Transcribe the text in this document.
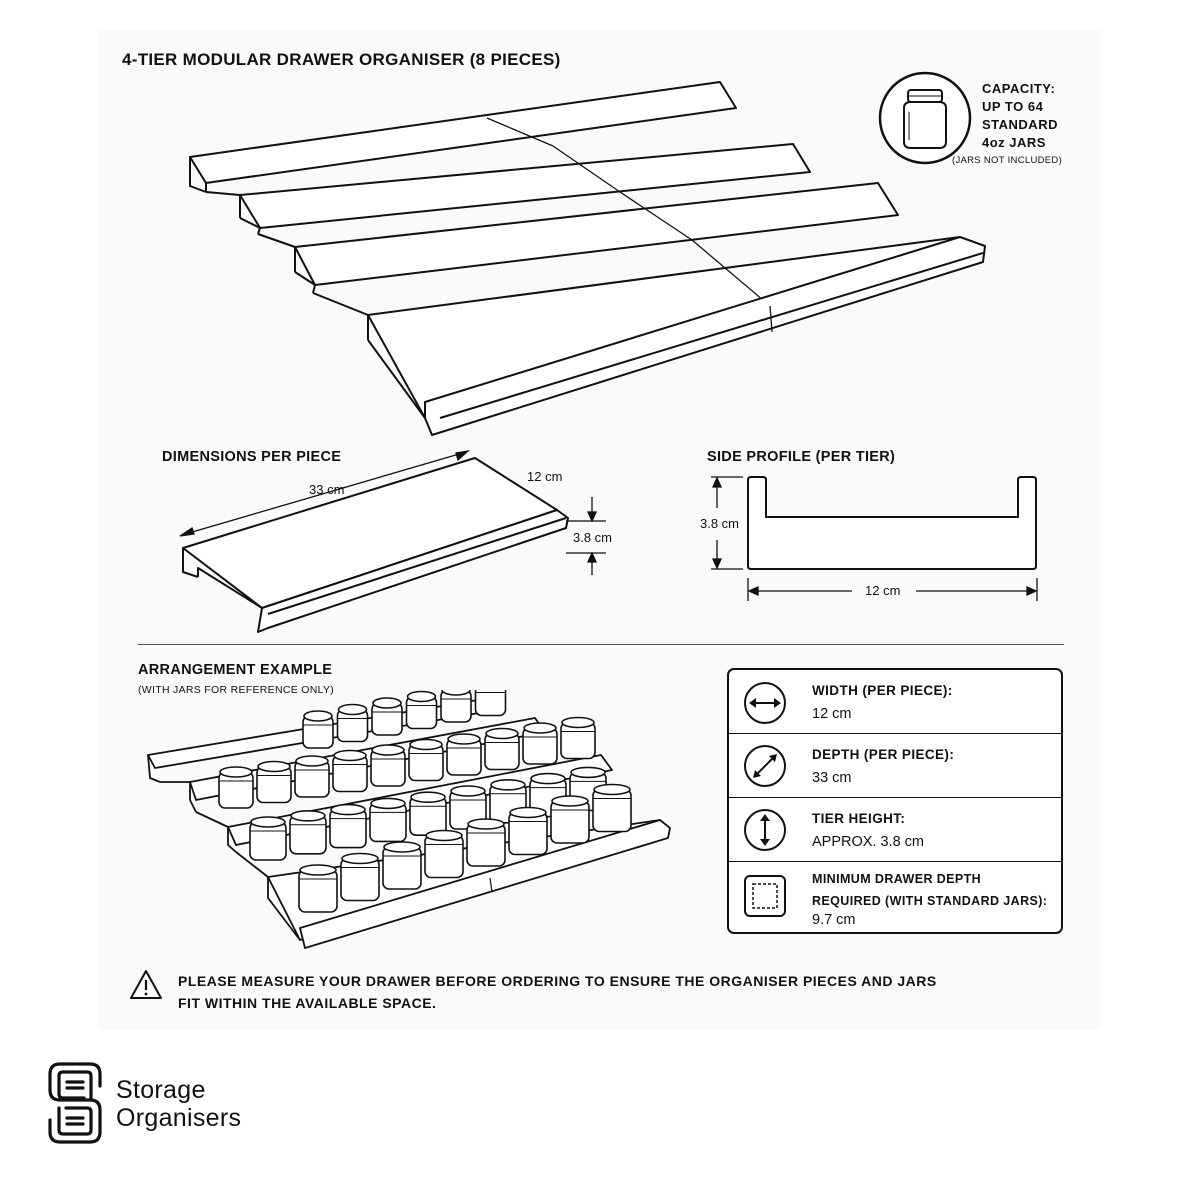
4-TIER MODULAR DRAWER ORGANISER (8 PIECES)
CAPACITY:
UP TO 64
STANDARD
4oz JARS
(JARS NOT INCLUDED)
DIMENSIONS PER PIECE
33 cm
12 cm
3.8 cm
SIDE PROFILE (PER TIER)
3.8 cm
12 cm
ARRANGEMENT EXAMPLE
(WITH JARS FOR REFERENCE ONLY)	WIDTH (PER PIECE):
12 cm
DEPTH (PER PIECE):
33 cm
TIER HEIGHT:
APPROX. 3.8 cm
MINIMUM DRAWER DEPTH
REQUIRED (WITH STANDARD JARS):
9.7 cm
PLEASE MEASURE YOUR DRAWER BEFORE ORDERING TO ENSURE THE ORGANISER PIECES AND JARS
FIT WITHIN THE AVAILABLE SPACE.
Storage
Organisers
